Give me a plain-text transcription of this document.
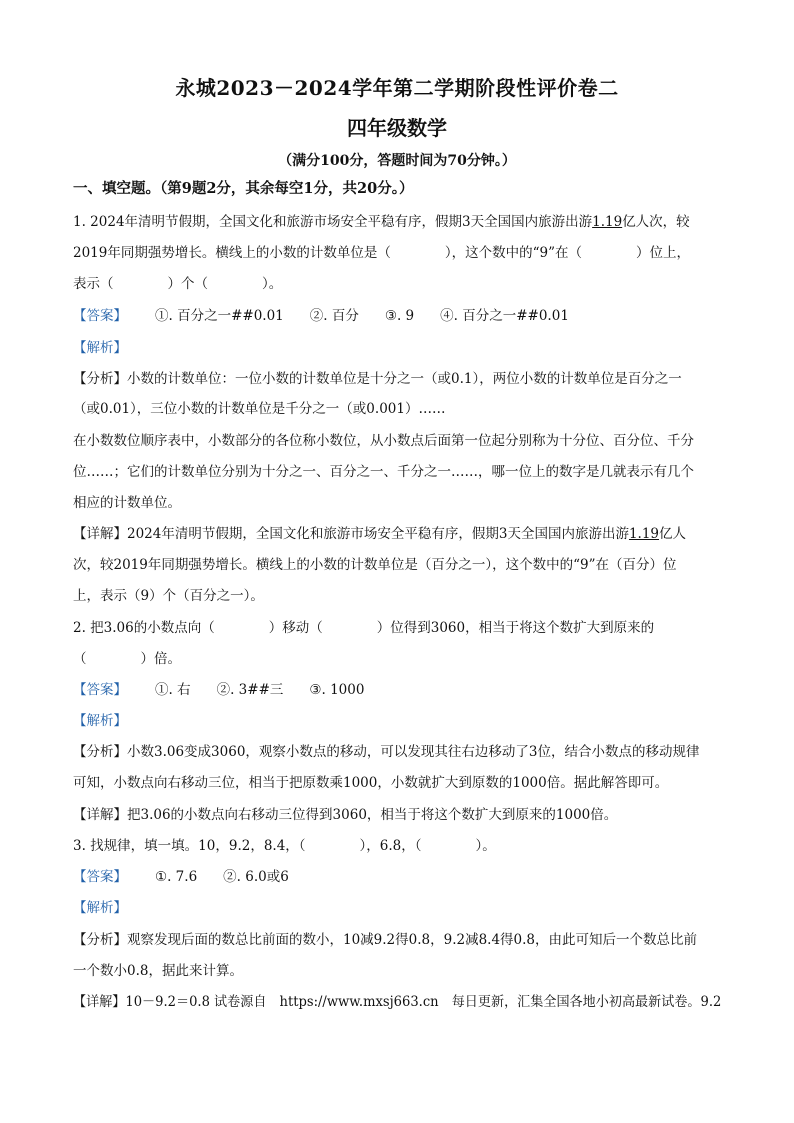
永城2023－2024学年第二学期阶段性评价卷二
四年级数学
（满分100分，答题时间为70分钟。）
一、填空题。（第9题2分，其余每空1分，共20分。）
1. 2024年清明节假期，全国文化和旅游市场安全平稳有序，假期3天全国国内旅游出游1.19亿人次，较
2019年同期强势增长。横线上的小数的计数单位是（　　　　），这个数中的“9”在（　　　　）位上，
表示（　　　　）个（　　　　）。
【答案】 ①. 百分之一##0.01 ②. 百分 ③. 9 ④. 百分之一##0.01
【解析】
【分析】小数的计数单位：一位小数的计数单位是十分之一（或0.1），两位小数的计数单位是百分之一
（或0.01），三位小数的计数单位是千分之一（或0.001）……
在小数数位顺序表中，小数部分的各位称小数位，从小数点后面第一位起分别称为十分位、百分位、千分
位……；它们的计数单位分别为十分之一、百分之一、千分之一……，哪一位上的数字是几就表示有几个
相应的计数单位。
【详解】2024年清明节假期，全国文化和旅游市场安全平稳有序，假期3天全国国内旅游出游1.19亿人
次，较2019年同期强势增长。横线上的小数的计数单位是（百分之一），这个数中的“9”在（百分）位
上，表示（9）个（百分之一）。
2. 把3.06的小数点向（　　　　）移动（　　　　）位得到3060，相当于将这个数扩大到原来的
（　　　　）倍。
【答案】 ①. 右 ②. 3##三 ③. 1000
【解析】
【分析】小数3.06变成3060，观察小数点的移动，可以发现其往右边移动了3位，结合小数点的移动规律
可知，小数点向右移动三位，相当于把原数乘1000，小数就扩大到原数的1000倍。据此解答即可。
【详解】把3.06的小数点向右移动三位得到3060，相当于将这个数扩大到原来的1000倍。
3. 找规律，填一填。10，9.2，8.4，（　　　　），6.8，（　　　　）。
【答案】 ①. 7.6 ②. 6.0或6
【解析】
【分析】观察发现后面的数总比前面的数小，10减9.2得0.8，9.2减8.4得0.8，由此可知后一个数总比前
一个数小0.8，据此来计算。
【详解】10－9.2＝0.8 试卷源自　https://www.mxsj663.cn　每日更新，汇集全国各地小初高最新试卷。9.2
